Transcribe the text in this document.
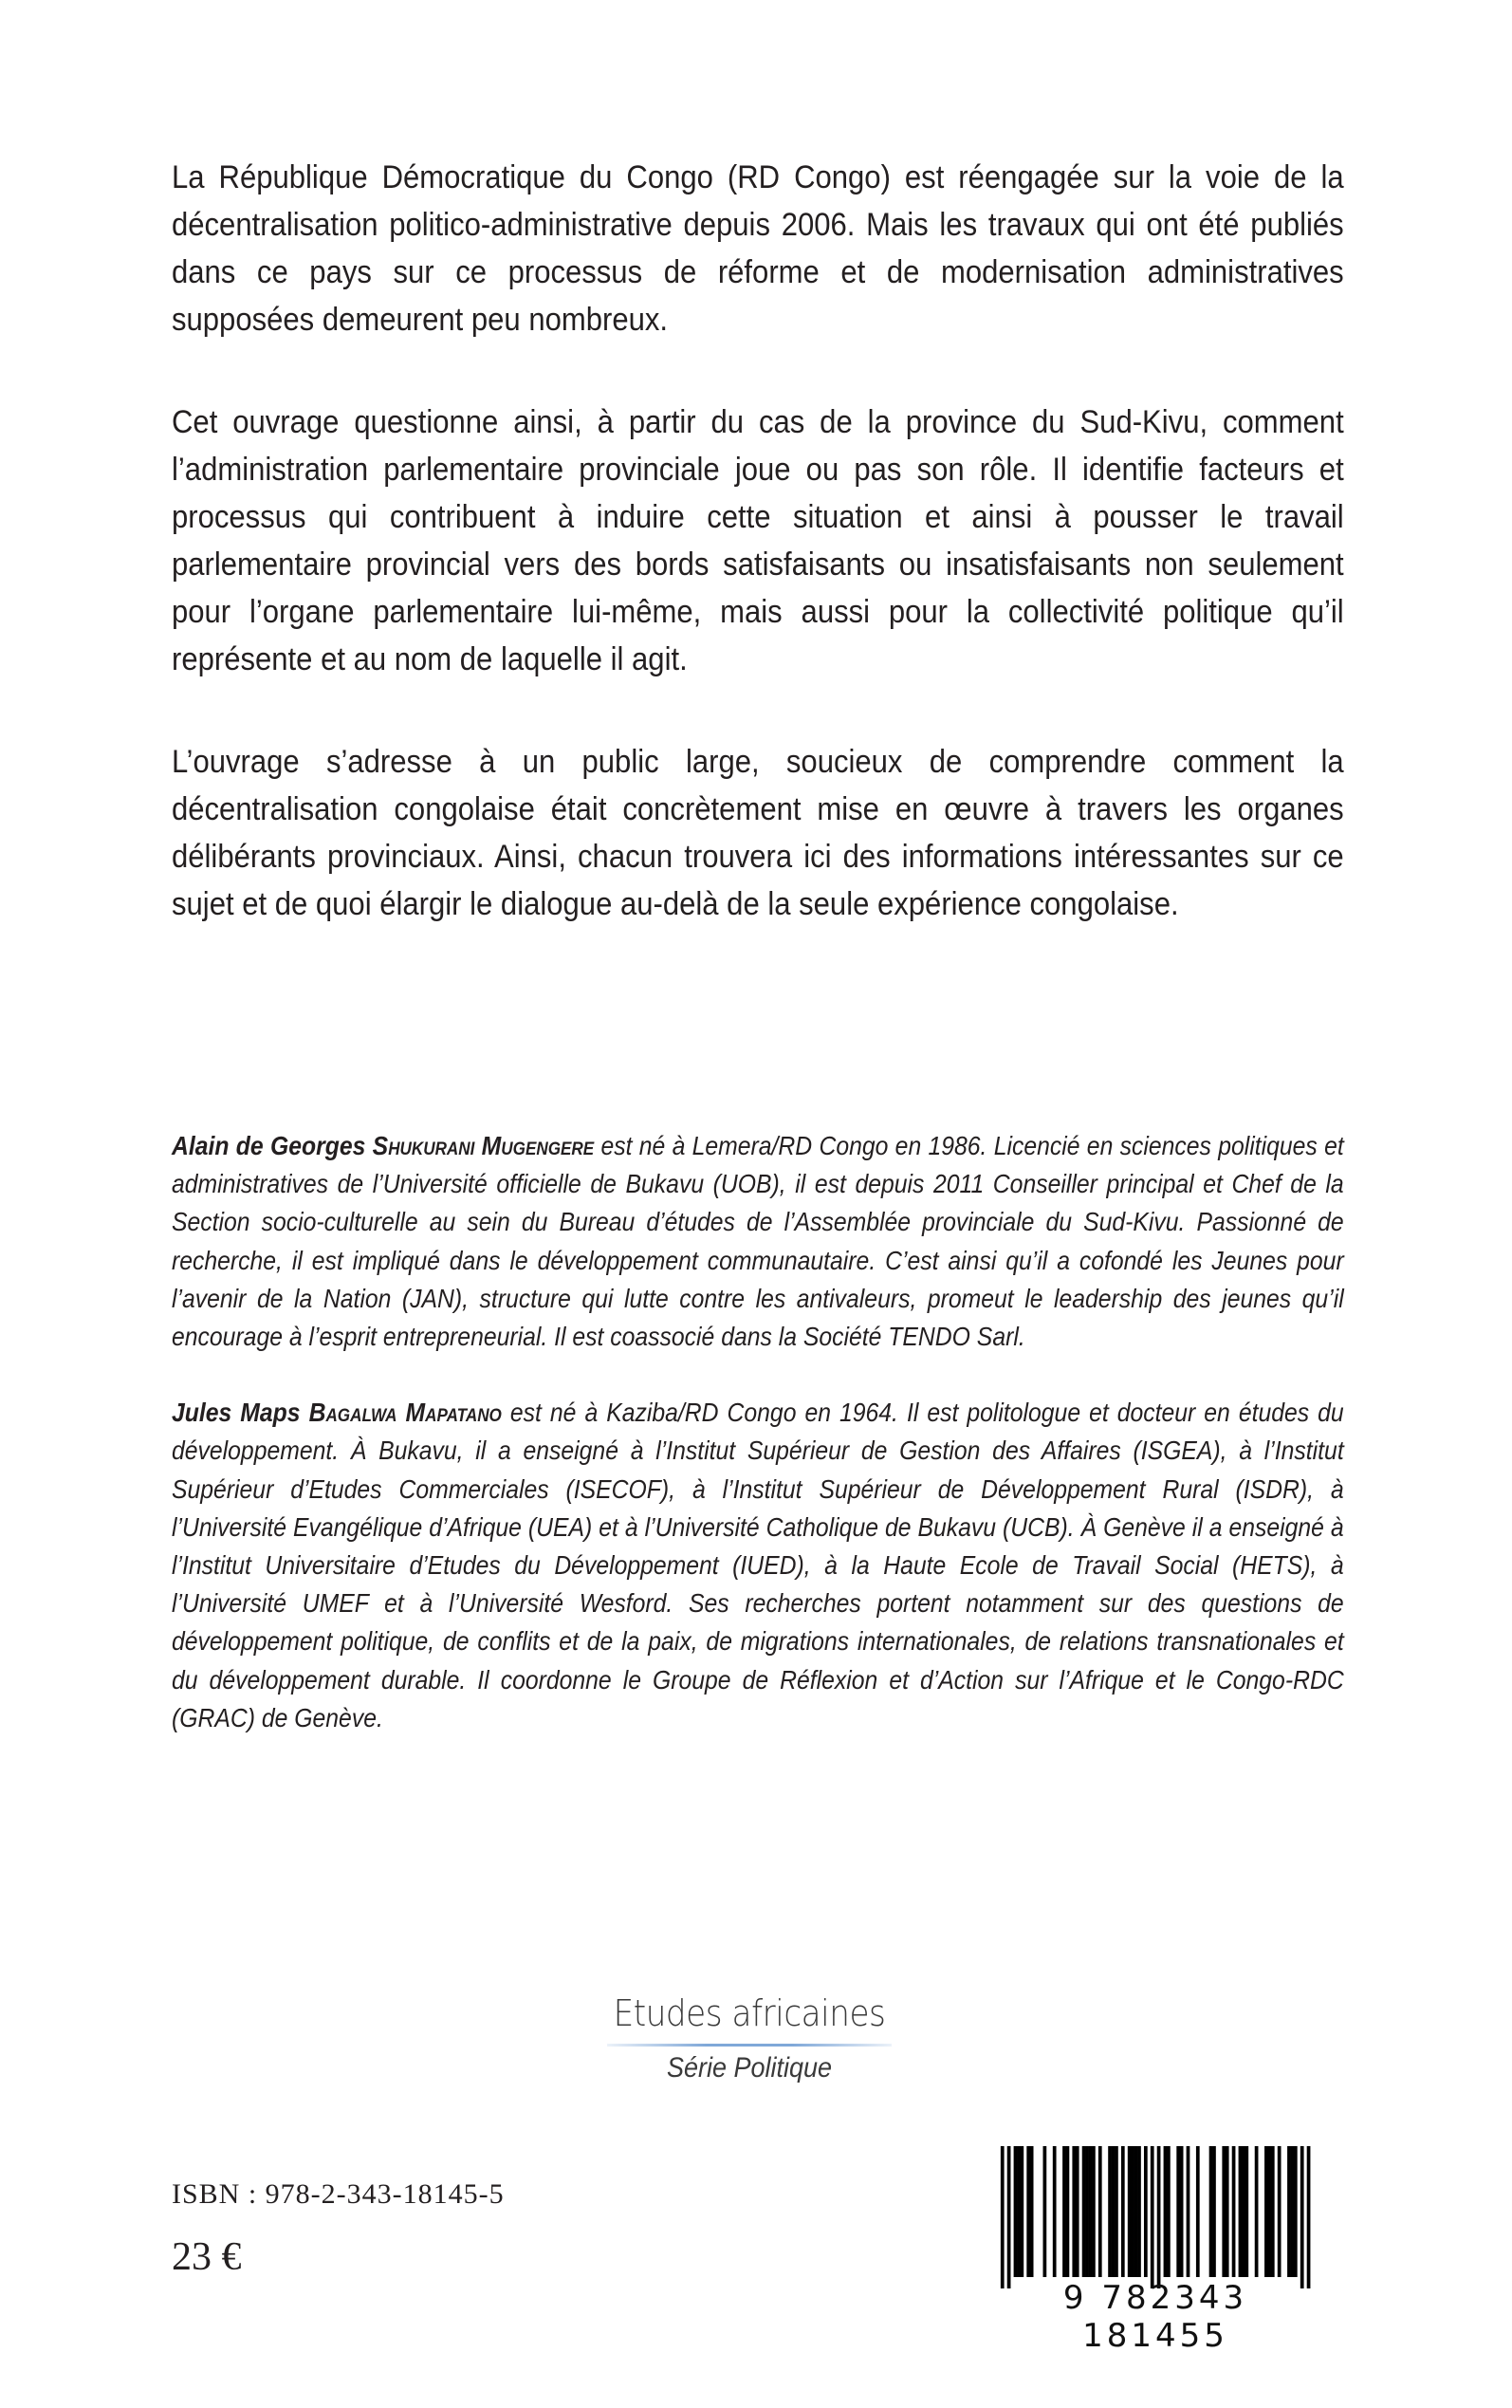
La République Démocratique du Congo (RD Congo) est réengagée sur la voie de la décentralisation politico-administrative depuis 2006. Mais les travaux qui ont été publiés dans ce pays sur ce processus de réforme et de modernisation administratives supposées demeurent peu nombreux.

Cet ouvrage questionne ainsi, à partir du cas de la province du Sud-Kivu, comment l’administration parlementaire provinciale joue ou pas son rôle. Il identifie facteurs et processus qui contribuent à induire cette situation et ainsi à pousser le travail parlementaire provincial vers des bords satisfaisants ou insatisfaisants non seulement pour l’organe parlementaire lui-même, mais aussi pour la collectivité politique qu’il représente et au nom de laquelle il agit.

L’ouvrage s’adresse à un public large, soucieux de comprendre comment la décentralisation congolaise était concrètement mise en œuvre à travers les organes délibérants provinciaux. Ainsi, chacun trouvera ici des informations intéressantes sur ce sujet et de quoi élargir le dialogue au-delà de la seule expérience congolaise.

Alain de Georges Shukurani Mugengere est né à Lemera/RD Congo en 1986. Licencié en sciences politiques et administratives de l’Université officielle de Bukavu (UOB), il est depuis 2011 Conseiller principal et Chef de la Section socio-culturelle au sein du Bureau d’études de l’Assemblée provinciale du Sud-Kivu. Passionné de recherche, il est impliqué dans le développement communautaire. C’est ainsi qu’il a cofondé les Jeunes pour l’avenir de la Nation (JAN), structure qui lutte contre les antivaleurs, promeut le leadership des jeunes qu’il encourage à l’esprit entrepreneurial. Il est coassocié dans la Société TENDO Sarl.

Jules Maps Bagalwa Mapatano est né à Kaziba/RD Congo en 1964. Il est politologue et docteur en études du développement. À Bukavu, il a enseigné à l’Institut Supérieur de Gestion des Affaires (ISGEA), à l’Institut Supérieur d’Etudes Commerciales (ISECOF), à l’Institut Supérieur de Développement Rural (ISDR), à l’Université Evangélique d’Afrique (UEA) et à l’Université Catholique de Bukavu (UCB). À Genève il a enseigné à l’Institut Universitaire d’Etudes du Développement (IUED), à la Haute Ecole de Travail Social (HETS), à l’Université UMEF et à l’Université Wesford. Ses recherches portent notamment sur des questions de développement politique, de conflits et de la paix, de migrations internationales, de relations transnationales et du développement durable. Il coordonne le Groupe de Réflexion et d’Action sur l’Afrique et le Congo-RDC (GRAC) de Genève.

Etudes africaines
Série Politique
ISBN : 978-2-343-18145-5
23 €
9 782343 181455
